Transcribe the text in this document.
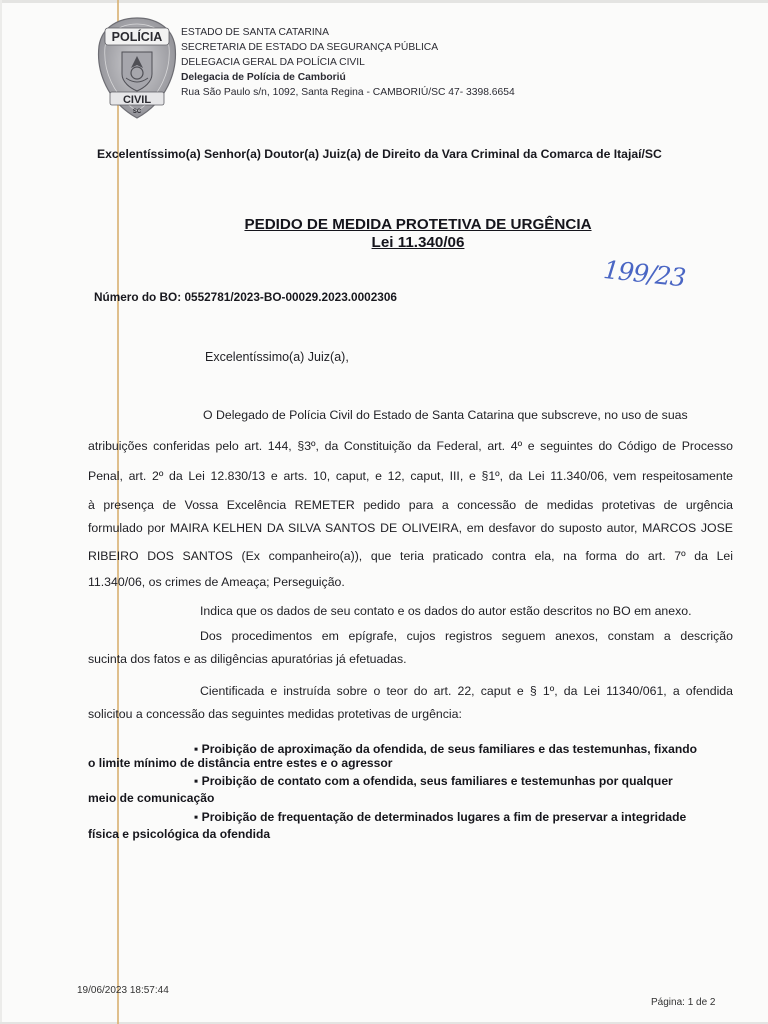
POLÍCIA
CIVIL
SC
ESTADO DE SANTA CATARINA
SECRETARIA DE ESTADO DA SEGURANÇA PÚBLICA
DELEGACIA GERAL DA POLÍCIA CIVIL
Delegacia de Polícia de Camboriú
Rua São Paulo s/n, 1092, Santa Regina - CAMBORIÚ/SC 47- 3398.6654
Excelentíssimo(a) Senhor(a) Doutor(a) Juiz(a) de Direito da Vara Criminal da Comarca de Itajaí/SC
PEDIDO DE MEDIDA PROTETIVA DE URGÊNCIA
Lei 11.340/06
199/23
Número do BO: 0552781/2023-BO-00029.2023.0002306
Excelentíssimo(a) Juiz(a),
O Delegado de Polícia Civil do Estado de Santa Catarina que subscreve, no uso de suas
atribuições conferidas pelo art. 144, §3º, da Constituição da Federal, art. 4º e seguintes do Código de Processo
Penal, art. 2º da Lei 12.830/13 e arts. 10, caput, e 12, caput, III, e §1º, da Lei 11.340/06, vem respeitosamente
à presença de Vossa Excelência REMETER pedido para a concessão de medidas protetivas de urgência
formulado por MAIRA KELHEN DA SILVA SANTOS DE OLIVEIRA, em desfavor do suposto autor, MARCOS JOSE
RIBEIRO DOS SANTOS (Ex companheiro(a)), que teria praticado contra ela, na forma do art. 7º da Lei
11.340/06, os crimes de Ameaça; Perseguição.
Indica que os dados de seu contato e os dados do autor estão descritos no BO em anexo.
Dos procedimentos em epígrafe, cujos registros seguem anexos, constam a descrição
sucinta dos fatos e as diligências apuratórias já efetuadas.
Cientificada e instruída sobre o teor do art. 22, caput e § 1º, da Lei 11340/061, a ofendida
solicitou a concessão das seguintes medidas protetivas de urgência:
▪ Proibição de aproximação da ofendida, de seus familiares e das testemunhas, fixando
o limite mínimo de distância entre estes e o agressor
▪ Proibição de contato com a ofendida, seus familiares e testemunhas por qualquer
meio de comunicação
▪ Proibição de frequentação de determinados lugares a fim de preservar a integridade
física e psicológica da ofendida
19/06/2023 18:57:44
Página: 1 de 2
